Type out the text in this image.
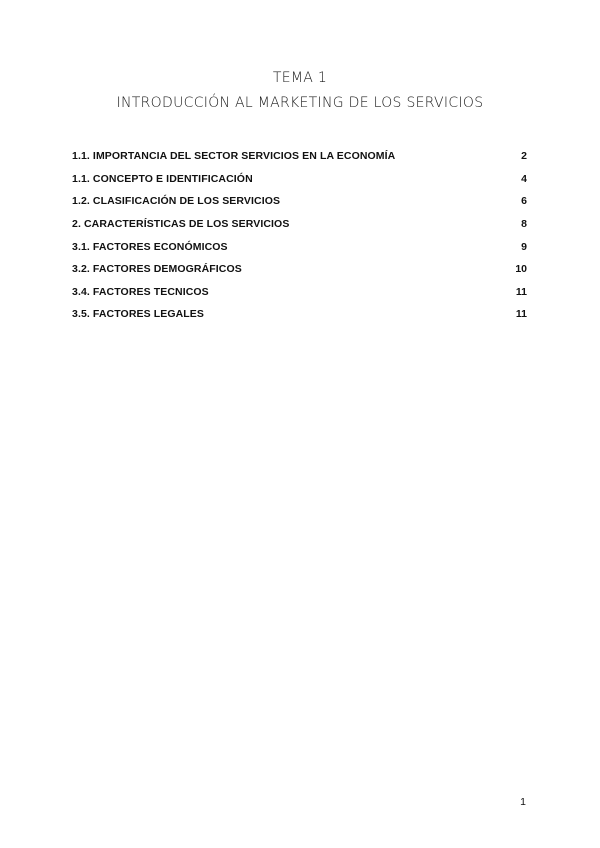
TEMA 1
INTRODUCCIÓN AL MARKETING DE LOS SERVICIOS
1.1. IMPORTANCIA DEL SECTOR SERVICIOS EN LA ECONOMÍA	2
1.1. CONCEPTO E IDENTIFICACIÓN	4
1.2. CLASIFICACIÓN DE LOS SERVICIOS	6
2. CARACTERÍSTICAS DE LOS SERVICIOS	8
3.1. FACTORES ECONÓMICOS	9
3.2. FACTORES DEMOGRÁFICOS	10
3.4. FACTORES TECNICOS	11
3.5. FACTORES LEGALES	11
1
